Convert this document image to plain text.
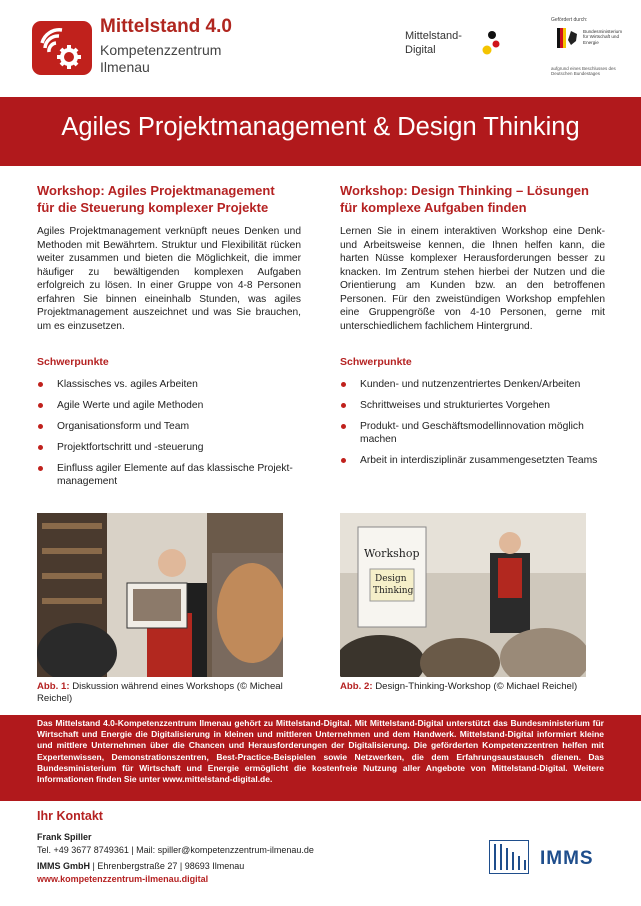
Mittelstand 4.0
Kompetenzzentrum
Ilmenau
Mittelstand-
Digital
Gefördert durch:
Bundesministerium für Wirtschaft und Energie
aufgrund eines Beschlusses des Deutschen Bundestages
Agiles Projektmanagement & Design Thinking
Workshop: Agiles Projektmanagement
für die Steuerung komplexer Projekte
Agiles Projektmanagement verknüpft neues Denken und Methoden mit Bewährtem. Struktur und Flexibilität rücken weiter zusammen und bieten die Möglichkeit, die immer häufiger zu bewältigenden komplexen Aufgaben erfolgreich zu lösen. In einer Gruppe von 4-8 Personen erfahren Sie binnen eineinhalb Stunden, was agiles Projektmanagement auszeichnet und was Sie brauchen, um es einzusetzen.
Schwerpunkte
Klassisches vs. agiles Arbeiten
Agile Werte und agile Methoden
Organisationsform und Team
Projektfortschritt und -steuerung
Einfluss agiler Elemente auf das klassische Projekt-management
Abb. 1: Diskussion während eines Workshops (© Micheal Reichel)
Workshop: Design Thinking – Lösungen
für komplexe Aufgaben finden
Lernen Sie in einem interaktiven Workshop eine Denk- und Arbeitsweise kennen, die Ihnen helfen kann, die harten Nüsse komplexer Herausforderungen besser zu knacken. Im Zentrum stehen hierbei der Nutzen und die Orientierung am Kunden bzw. an den betroffenen Personen. Für den zweistündigen Workshop empfehlen eine Gruppengröße von 4-10 Personen, gerne mit unterschiedlichem fachlichem Hintergrund.
Schwerpunkte
Kunden- und nutzenzentriertes Denken/Arbeiten
Schrittweises und strukturiertes Vorgehen
Produkt- und Geschäftsmodellinnovation möglich machen
Arbeit in interdisziplinär zusammengesetzten Teams
Workshop
Design
Thinking
Abb. 2: Design-Thinking-Workshop (© Michael Reichel)
Das Mittelstand 4.0-Kompetenzzentrum Ilmenau gehört zu Mittelstand-Digital. Mit Mittelstand-Digital unterstützt das Bundesministerium für Wirtschaft und Energie die Digitalisierung in kleinen und mittleren Unternehmen und dem Handwerk. Mittelstand-Digital informiert kleine und mittlere Unternehmen über die Chancen und Herausforderungen der Digitalisierung. Die geförderten Kompetenzzentren helfen mit Expertenwissen, Demonstrationszentren, Best-Practice-Beispielen sowie Netzwerken, die dem Erfahrungsaustausch dienen. Das Bundesministerium für Wirtschaft und Energie ermöglicht die kostenfreie Nutzung aller Angebote von Mittelstand-Digital. Weitere Informationen finden Sie unter www.mittelstand-digital.de.
Ihr Kontakt
Frank Spiller
Tel. +49 3677 8749361 | Mail: spiller@kompetenzzentrum-ilmenau.de
IMMS GmbH | Ehrenbergstraße 27 | 98693 Ilmenau
www.kompetenzzentrum-ilmenau.digital
IMMS
